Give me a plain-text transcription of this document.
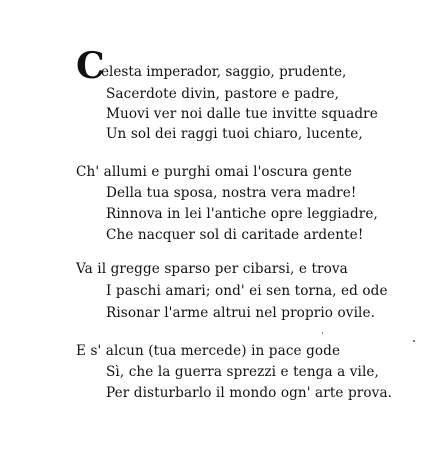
C
elesta imperador, saggio, prudente,
Sacerdote divin, pastore e padre,
Muovi ver noi dalle tue invitte squadre
Un sol dei raggi tuoi chiaro, lucente,
Ch' allumi e purghi omai l'oscura gente
Della tua sposa, nostra vera madre!
Rinnova in lei l'antiche opre leggiadre,
Che nacquer sol di caritade ardente!
Va il gregge sparso per cibarsi, e trova
I paschi amari; ond' ei sen torna, ed ode
Risonar l'arme altrui nel proprio ovile.
E s' alcun (tua mercede) in pace gode
Sì, che la guerra sprezzi e tenga a vile,
Per disturbarlo il mondo ogn' arte prova.
